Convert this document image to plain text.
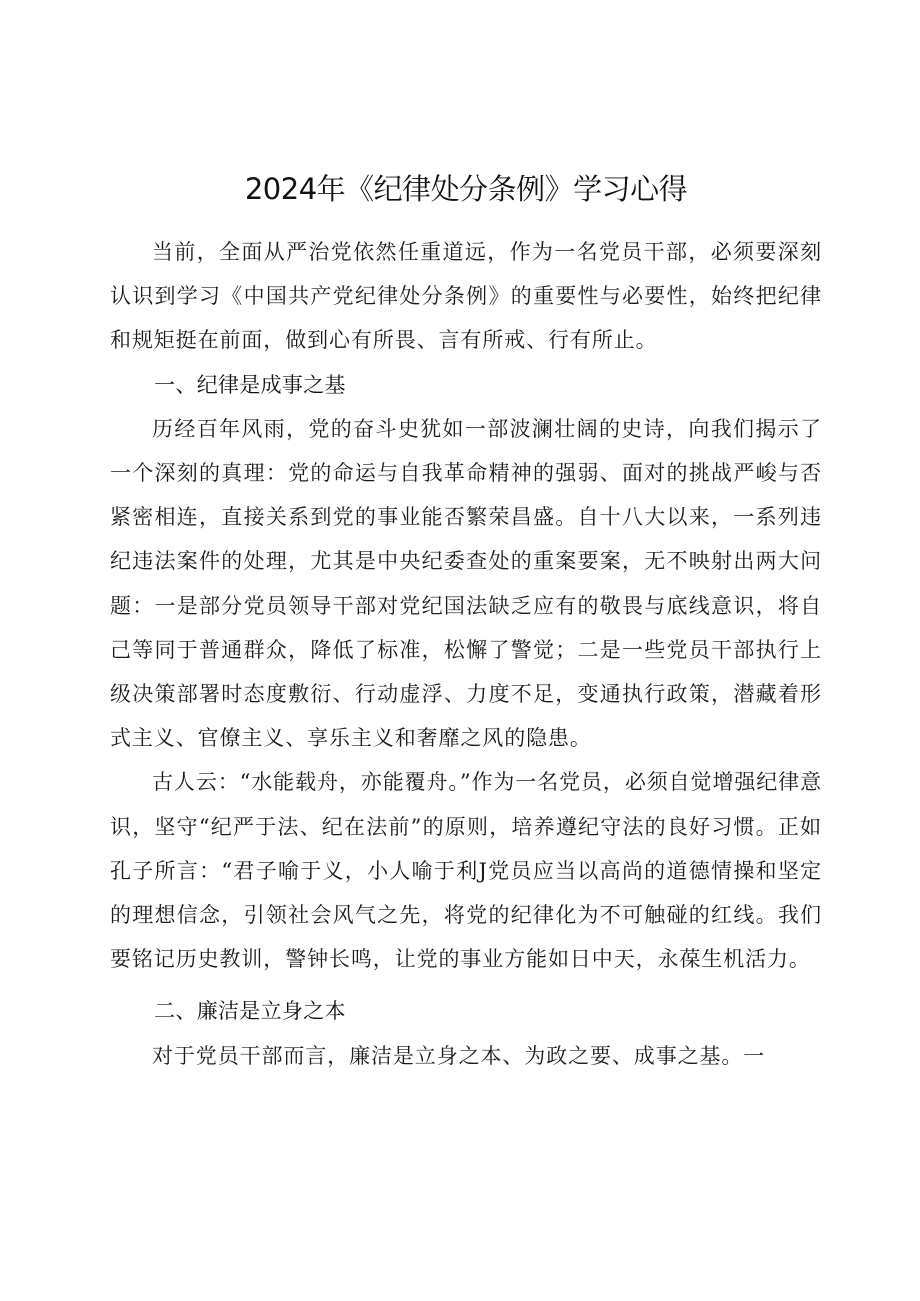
2024年《纪律处分条例》学习心得

当前，全面从严治党依然任重道远，作为一名党员干部，必须要深刻认识到学习《中国共产党纪律处分条例》的重要性与必要性，始终把纪律和规矩挺在前面，做到心有所畏、言有所戒、行有所止。

一、纪律是成事之基

历经百年风雨，党的奋斗史犹如一部波澜壮阔的史诗，向我们揭示了一个深刻的真理：党的命运与自我革命精神的强弱、面对的挑战严峻与否紧密相连，直接关系到党的事业能否繁荣昌盛。自十八大以来，一系列违纪违法案件的处理，尤其是中央纪委查处的重案要案，无不映射出两大问题：一是部分党员领导干部对党纪国法缺乏应有的敬畏与底线意识，将自己等同于普通群众，降低了标准，松懈了警觉；二是一些党员干部执行上级决策部署时态度敷衍、行动虚浮、力度不足，变通执行政策，潜藏着形式主义、官僚主义、享乐主义和奢靡之风的隐患。

古人云：“水能载舟，亦能覆舟。”作为一名党员，必须自觉增强纪律意识，坚守“纪严于法、纪在法前”的原则，培养遵纪守法的良好习惯。正如孔子所言：“君子喻于义，小人喻于利J党员应当以高尚的道德情操和坚定的理想信念，引领社会风气之先，将党的纪律化为不可触碰的红线。我们要铭记历史教训，警钟长鸣，让党的事业方能如日中天，永葆生机活力。

二、廉洁是立身之本

对于党员干部而言，廉洁是立身之本、为政之要、成事之基。一
